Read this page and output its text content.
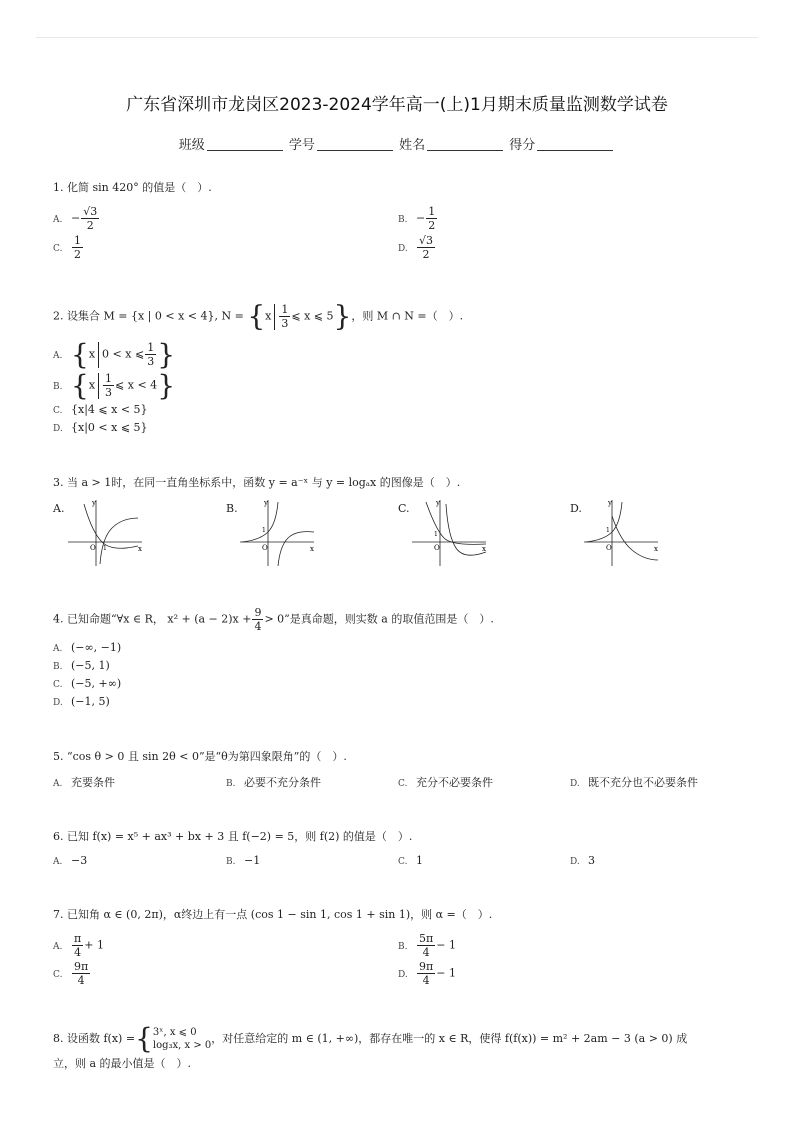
广东省深圳市龙岗区2023-2024学年高一(上)1月期末质量监测数学试卷
班级	学号	姓名	得分
1. 化简 sin 420° 的值是（　）.
A. − $\frac{√3}{2}$	B. − $\frac{1}{2}$
C. $\frac{1}{2}$	D. $\frac{√3}{2}$
2. 设集合 M = {x | 0 < x < 4}, $N = \{x \frac{1}{3}$ ⩽ x ⩽ 5}，则 M ∩ N =（　）.
A. {x 0 < x ⩽ $\frac{1}{3}$ }
B. {$x \frac{1}{3}$ ⩽ x < 4}
C. {x|4 ⩽ x < 5}
D. {x|0 < x ⩽ 5}
3. 当 a > 1时，在同一直角坐标系中，函数 y = a⁻ˣ 与 y = logₐx 的图像是（　）.
A.	B.	C.	D.
y
x
O 1
y
x
O
1
y
x
O
1
y
x
O
1
4. 已知命题“∀x ∈ R， $x^2 + (a - 2)x + \frac{9}{4} > 0$”是真命题，则实数 a 的取值范围是（　）.
A. (−∞, −1)
B. (−5, 1)
C. (−5, +∞)
D. (−1, 5)
5. “cos θ > 0 且 sin 2θ < 0”是“θ为第四象限角”的（　）.
A. 充要条件	B. 必要不充分条件	C. 充分不必要条件	D. 既不充分也不必要条件
6. 已知 f(x) = x⁵ + ax³ + bx + 3 且 f(−2) = 5，则 f(2) 的值是（　）.
A. −3	B. −1	C. 1	D. 3
7. 已知角 α ∈ (0, 2π)，α终边上有一点 (cos 1 − sin 1, cos 1 + sin 1)，则 α =（　）.
A. $\frac{\pi}{4} + 1$	B. $\frac{5\pi}{4} - 1$
C. $\frac{9\pi}{4}$	D. $\frac{9\pi}{4} - 1$
8. 设函数 f(x) ={ 3ˣ, x ⩽ 0
log₃x, x > 0
，对任意给定的 m ∈ (1, +∞)，都存在唯一的 x ∈ R，使得 f(f(x)) = m² + 2am − 3 (a > 0) 成
立，则 a 的最小值是（　）.
